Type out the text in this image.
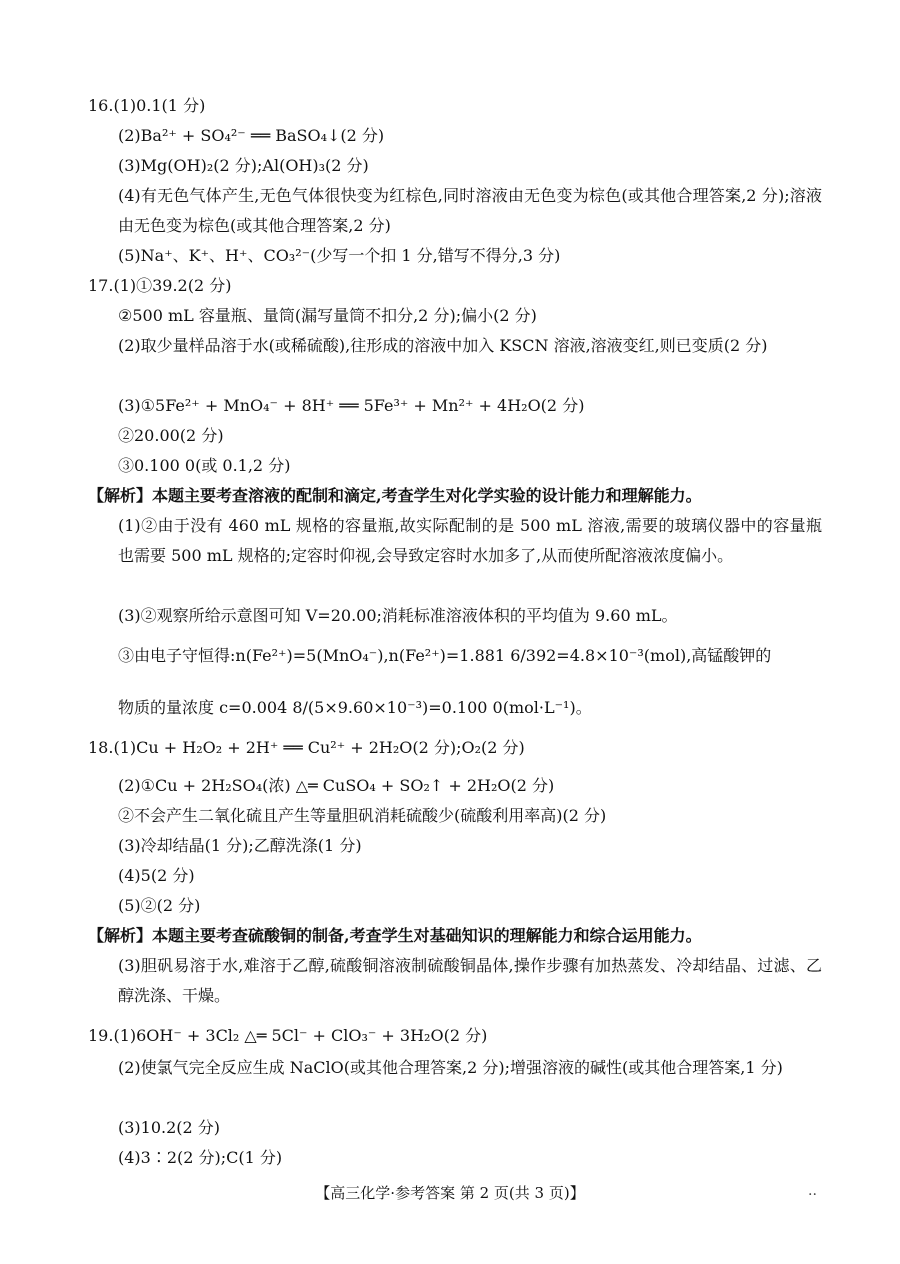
16.(1)0.1(1 分)
(2)Ba²⁺ + SO₄²⁻ ══ BaSO₄↓(2 分)
(3)Mg(OH)₂(2 分);Al(OH)₃(2 分)
(4)有无色气体产生,无色气体很快变为红棕色,同时溶液由无色变为棕色(或其他合理答案,2 分);溶液由无色变为棕色(或其他合理答案,2 分)
(5)Na⁺、K⁺、H⁺、CO₃²⁻(少写一个扣 1 分,错写不得分,3 分)
17.(1)①39.2(2 分)
②500 mL 容量瓶、量筒(漏写量筒不扣分,2 分);偏小(2 分)
(2)取少量样品溶于水(或稀硫酸),往形成的溶液中加入 KSCN 溶液,溶液变红,则已变质(2 分)
(3)①5Fe²⁺ + MnO₄⁻ + 8H⁺ ══ 5Fe³⁺ + Mn²⁺ + 4H₂O(2 分)
②20.00(2 分)
③0.100 0(或 0.1,2 分)
【解析】本题主要考查溶液的配制和滴定,考查学生对化学实验的设计能力和理解能力。
(1)②由于没有 460 mL 规格的容量瓶,故实际配制的是 500 mL 溶液,需要的玻璃仪器中的容量瓶也需要 500 mL 规格的;定容时仰视,会导致定容时水加多了,从而使所配溶液浓度偏小。
(3)②观察所给示意图可知 V=20.00;消耗标准溶液体积的平均值为 9.60 mL。
③由电子守恒得:n(Fe²⁺)=5(MnO₄⁻),n(Fe²⁺)=1.881 6/392=4.8×10⁻³(mol),高锰酸钾的
物质的量浓度 c=0.004 8/(5×9.60×10⁻³)=0.100 0(mol·L⁻¹)。
18.(1)Cu + H₂O₂ + 2H⁺ ══ Cu²⁺ + 2H₂O(2 分);O₂(2 分)
(2)①Cu + 2H₂SO₄(浓) △═ CuSO₄ + SO₂↑ + 2H₂O(2 分)
②不会产生二氧化硫且产生等量胆矾消耗硫酸少(硫酸利用率高)(2 分)
(3)冷却结晶(1 分);乙醇洗涤(1 分)
(4)5(2 分)
(5)②(2 分)
【解析】本题主要考查硫酸铜的制备,考查学生对基础知识的理解能力和综合运用能力。
(3)胆矾易溶于水,难溶于乙醇,硫酸铜溶液制硫酸铜晶体,操作步骤有加热蒸发、冷却结晶、过滤、乙醇洗涤、干燥。
19.(1)6OH⁻ + 3Cl₂ △═ 5Cl⁻ + ClO₃⁻ + 3H₂O(2 分)
(2)使氯气完全反应生成 NaClO(或其他合理答案,2 分);增强溶液的碱性(或其他合理答案,1 分)
(3)10.2(2 分)
(4)3∶2(2 分);C(1 分)
【高三化学·参考答案 第 2 页(共 3 页)】	..
